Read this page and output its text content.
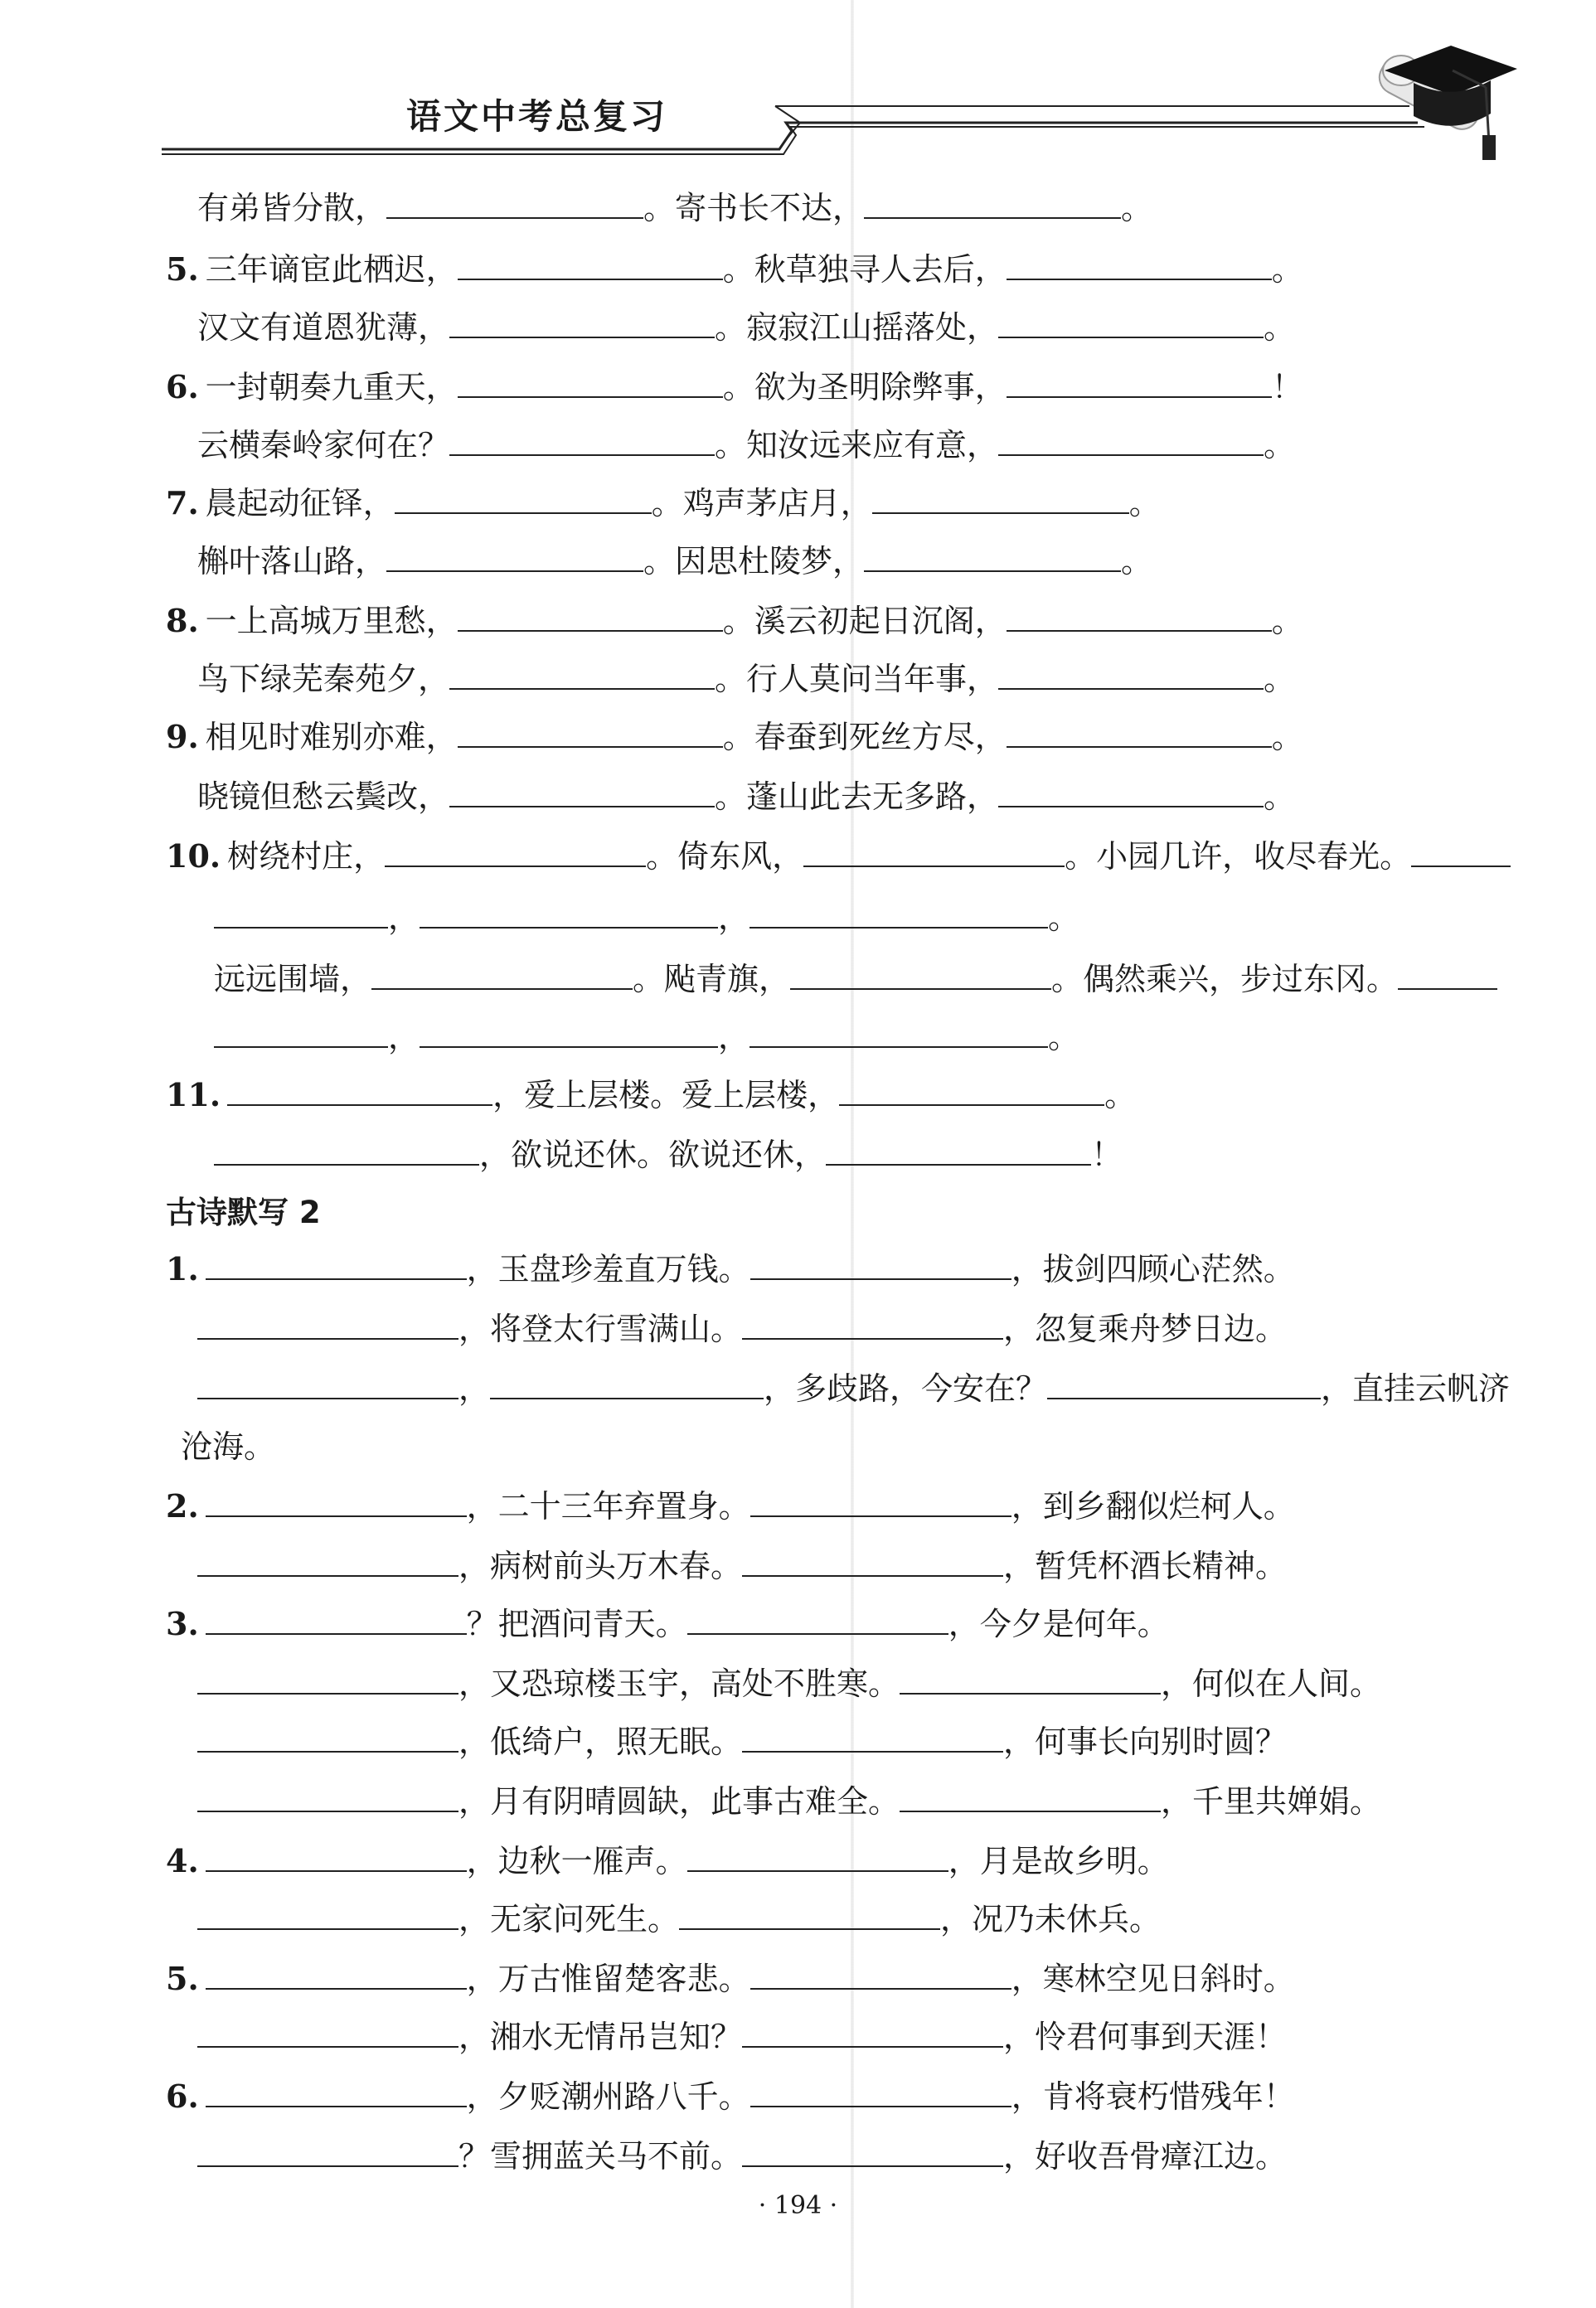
语文中考总复习
有弟皆分散，	。寄书长不达，	。
5. 三年谪宦此栖迟，	。秋草独寻人去后，	。
汉文有道恩犹薄，	。寂寂江山摇落处，	。
6. 一封朝奏九重天，	。欲为圣明除弊事，	！
云横秦岭家何在？	。知汝远来应有意，	。
7. 晨起动征铎，	。鸡声茅店月，	。
槲叶落山路，	。因思杜陵梦，	。
8. 一上高城万里愁，	。溪云初起日沉阁，	。
鸟下绿芜秦苑夕，	。行人莫问当年事，	。
9. 相见时难别亦难，	。春蚕到死丝方尽，	。
晓镜但愁云鬓改，	。蓬山此去无多路，	。
10. 树绕村庄，	。倚东风，	。小园几许，收尽春光。
，	，	。
远远围墙，	。飐青旗，	。偶然乘兴，步过东冈。
，	，	。
11.	，爱上层楼。爱上层楼，	。
，欲说还休。欲说还休，	！
1.	，玉盘珍羞直万钱。	，拔剑四顾心茫然。
，将登太行雪满山。	，忽复乘舟梦日边。
，	，多歧路，今安在？	，直挂云帆济
沧海。
2.	，二十三年弃置身。	，到乡翻似烂柯人。
，病树前头万木春。	，暂凭杯酒长精神。
3.	？把酒问青天。	，今夕是何年。
，又恐琼楼玉宇，高处不胜寒。	，何似在人间。
，低绮户，照无眠。	，何事长向别时圆？
，月有阴晴圆缺，此事古难全。	，千里共婵娟。
4.	，边秋一雁声。	，月是故乡明。
，无家问死生。	，况乃未休兵。
5.	，万古惟留楚客悲。	，寒林空见日斜时。
，湘水无情吊岂知？	，怜君何事到天涯！
6.	，夕贬潮州路八千。	，肯将衰朽惜残年！
？雪拥蓝关马不前。	，好收吾骨瘴江边。
古诗默写 2
· 194 ·
